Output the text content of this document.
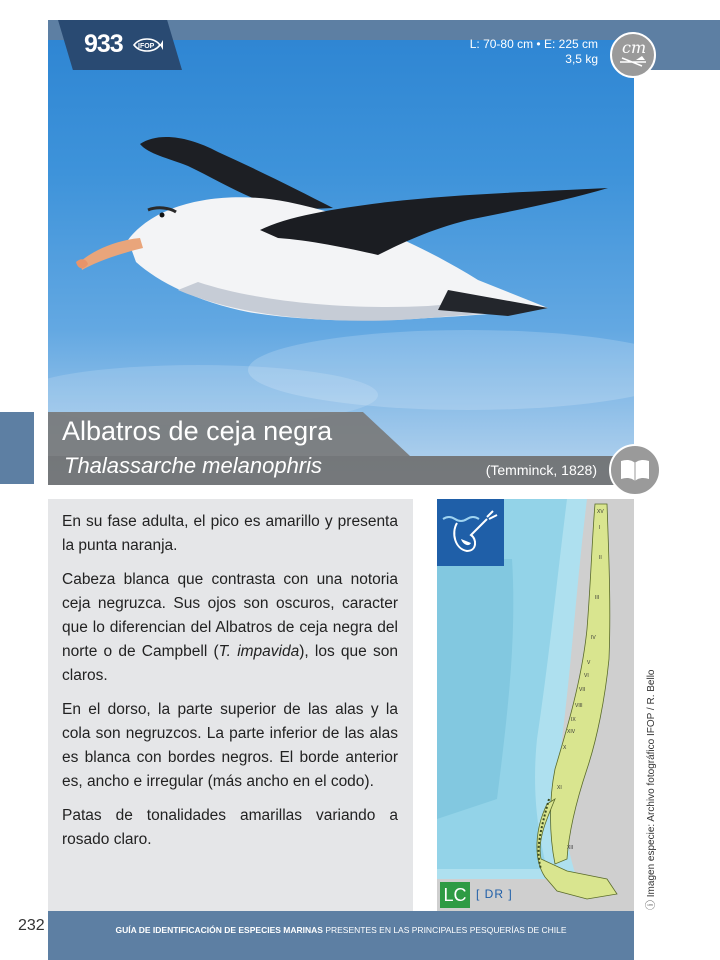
933 IFOP	L: 70-80 cm • E: 225 cm
3,5 kg
cm
Albatros de ceja negra
Thalassarche melanophris	(Temminck, 1828)

En su fase adulta, el pico es amarillo y presenta la punta naranja.

Cabeza blanca que contrasta con una notoria ceja negruzca. Sus ojos son oscuros, caracter que lo diferencian del Albatros de ceja negra del norte o de Campbell (T. impavida), los que son claros.

En el dorso, la parte superior de las alas y la cola son negruzcos. La parte inferior de las alas es blanca con bordes negros. El borde anterior es, ancho e irregular (más ancho en el codo).

Patas de tonalidades amarillas variando a rosado claro.

XV
I
II
III
IV
V
VI
VII
VIII
IX
XIV
X
XI
XII
LC [ DR ]
ⓘ Imagen especie: Archivo fotográfico IFOP / R. Bello
GUÍA DE IDENTIFICACIÓN DE ESPECIES MARINAS PRESENTES EN LAS PRINCIPALES PESQUERÍAS DE CHILE
232
